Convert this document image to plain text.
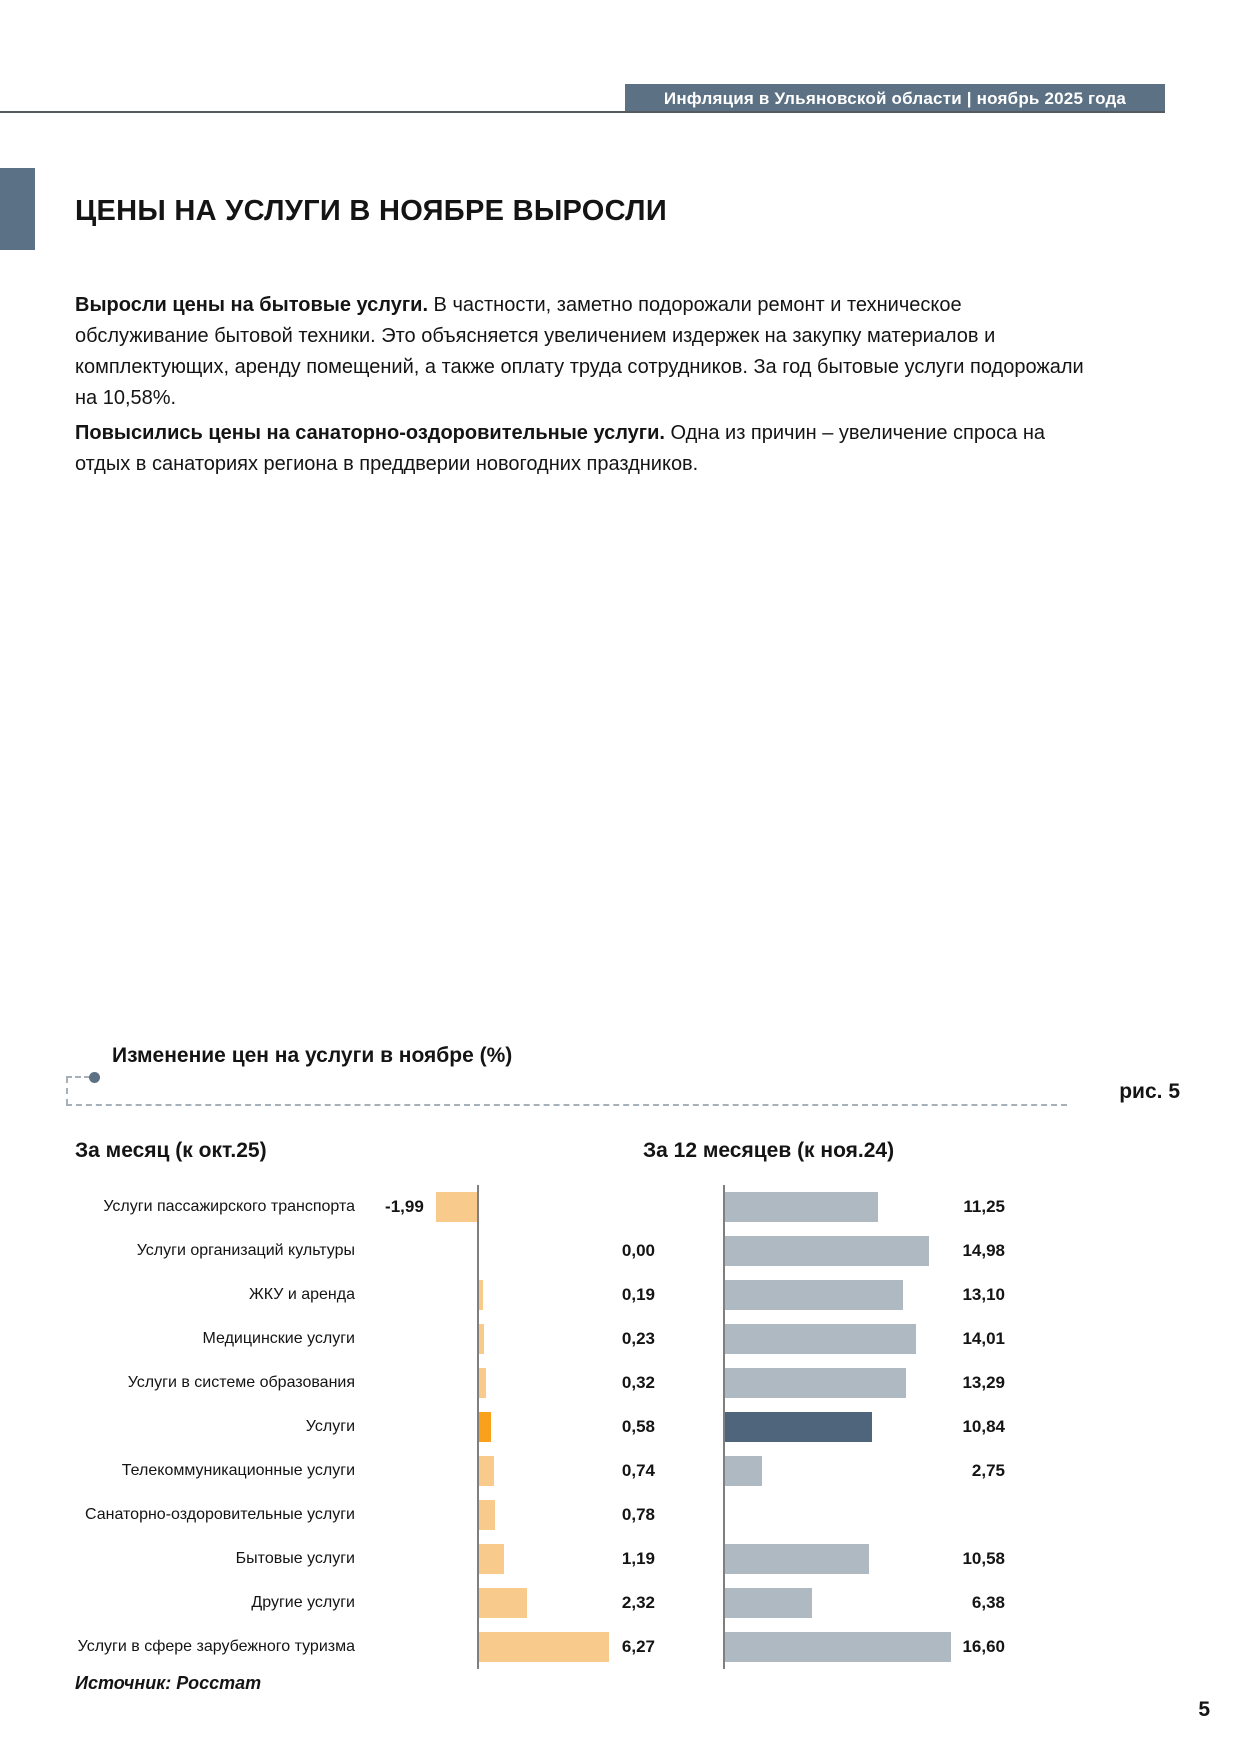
Инфляция в Ульяновской области | ноябрь 2025 года
ЦЕНЫ НА УСЛУГИ В НОЯБРЕ ВЫРОСЛИ

Выросли цены на бытовые услуги. В частности, заметно подорожали ремонт и техническое обслуживание бытовой техники. Это объясняется увеличением издержек на закупку материалов и комплектующих, аренду помещений, а также оплату труда сотрудников. За год бытовые услуги подорожали на 10,58%.

Повысились цены на санаторно-оздоровительные услуги. Одна из причин – увеличение спроса на отдых в санаториях региона в преддверии новогодних праздников.

Изменение цен на услуги в ноябре (%)
рис. 5
За месяц (к окт.25)	За 12 месяцев (к ноя.24)
Услуги пассажирского транспорта	-1,99	11,25
Услуги организаций культуры	0,00	14,98
ЖКУ и аренда	0,19	13,10
Медицинские услуги	0,23	14,01
Услуги в системе образования	0,32	13,29
Услуги	0,58	10,84
Телекоммуникационные услуги	0,74	2,75
Санаторно-оздоровительные услуги	0,78
Бытовые услуги	1,19	10,58
Другие услуги	2,32	6,38
Услуги в сфере зарубежного туризма	6,27	16,60
Источник: Росстат
5
